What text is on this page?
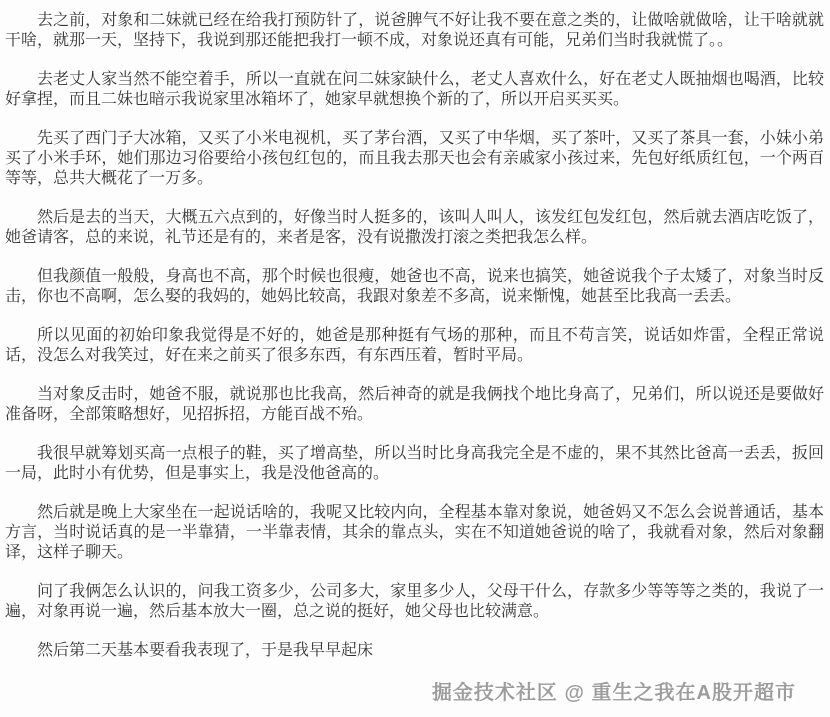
去之前，对象和二妹就已经在给我打预防针了，说爸脾气不好让我不要在意之类的，让做啥就做啥，让干啥就就干啥，就那一天，坚持下，我说到那还能把我打一顿不成，对象说还真有可能，兄弟们当时我就慌了。。

去老丈人家当然不能空着手，所以一直就在问二妹家缺什么，老丈人喜欢什么，好在老丈人既抽烟也喝酒，比较好拿捏，而且二妹也暗示我说家里冰箱坏了，她家早就想换个新的了，所以开启买买买。

先买了西门子大冰箱，又买了小米电视机，买了茅台酒，又买了中华烟，买了茶叶，又买了茶具一套，小妹小弟买了小米手环，她们那边习俗要给小孩包红包的，而且我去那天也会有亲戚家小孩过来，先包好纸质红包，一个两百等等，总共大概花了一万多。

然后是去的当天，大概五六点到的，好像当时人挺多的，该叫人叫人，该发红包发红包，然后就去酒店吃饭了，她爸请客，总的来说，礼节还是有的，来者是客，没有说撒泼打滚之类把我怎么样。

但我颜值一般般，身高也不高，那个时候也很瘦，她爸也不高，说来也搞笑，她爸说我个子太矮了，对象当时反击，你也不高啊，怎么娶的我妈的，她妈比较高，我跟对象差不多高，说来惭愧，她甚至比我高一丢丢。

所以见面的初始印象我觉得是不好的，她爸是那种挺有气场的那种，而且不苟言笑，说话如炸雷，全程正常说话，没怎么对我笑过，好在来之前买了很多东西，有东西压着，暂时平局。

当对象反击时，她爸不服，就说那也比我高，然后神奇的就是我俩找个地比身高了，兄弟们，所以说还是要做好准备呀，全部策略想好，见招拆招，方能百战不殆。

我很早就筹划买高一点根子的鞋，买了增高垫，所以当时比身高我完全是不虚的，果不其然比爸高一丢丢，扳回一局，此时小有优势，但是事实上，我是没他爸高的。

然后就是晚上大家坐在一起说话啥的，我呢又比较内向，全程基本靠对象说，她爸妈又不怎么会说普通话，基本方言，当时说话真的是一半靠猜，一半靠表情，其余的靠点头，实在不知道她爸说的啥了，我就看对象，然后对象翻译，这样子聊天。

问了我俩怎么认识的，问我工资多少，公司多大，家里多少人，父母干什么，存款多少等等等之类的，我说了一遍，对象再说一遍，然后基本放大一圈，总之说的挺好，她父母也比较满意。

然后第二天基本要看我表现了，于是我早早起床

掘金技术社区 @ 重生之我在A股开超市
